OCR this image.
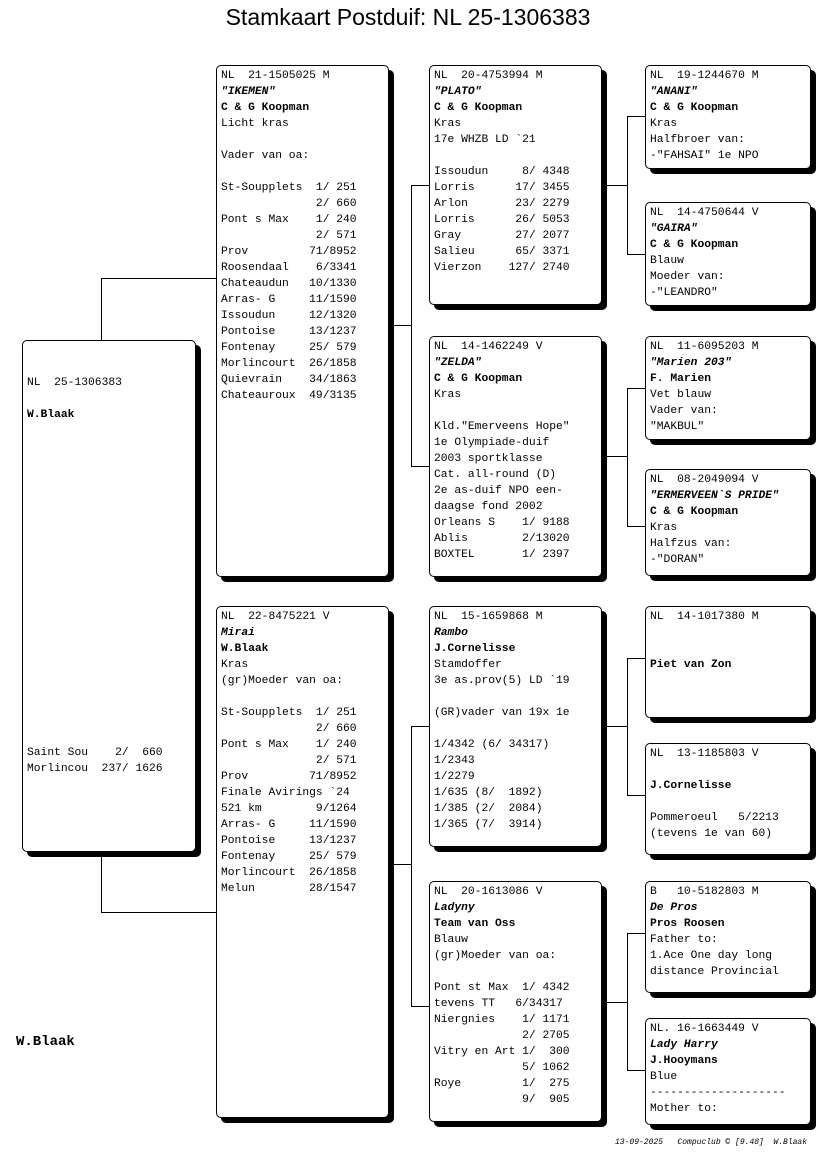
Stamkaart Postduif: NL 25-1306383

NL  25-1306383
W.Blaak

Saint Sou    2/  660
Morlincou  237/ 1626

NL  21-1505025 M
"IKEMEN"
C & G Koopman
Licht kras
Vader van oa:
St-Soupplets  1/ 251
2/ 660
Pont s Max    1/ 240
2/ 571
Prov         71/8952
Roosendaal    6/3341
Chateaudun   10/1330
Arras- G     11/1590
Issoudun     12/1320
Pontoise     13/1237
Fontenay     25/ 579
Morlincourt  26/1858
Quievrain    34/1863
Chateauroux  49/3135
NL  22-8475221 V
Mirai
W.Blaak
Kras
(gr)Moeder van oa:
St-Soupplets  1/ 251
2/ 660
Pont s Max    1/ 240
2/ 571
Prov         71/8952
Finale Avirings `24
521 km        9/1264
Arras- G     11/1590
Pontoise     13/1237
Fontenay     25/ 579
Morlincourt  26/1858
Melun        28/1547
NL  20-4753994 M
"PLATO"
C & G Koopman
Kras
17e WHZB LD `21
Issoudun     8/ 4348
Lorris      17/ 3455
Arlon       23/ 2279
Lorris      26/ 5053
Gray        27/ 2077
Salieu      65/ 3371
Vierzon    127/ 2740
NL  14-1462249 V
"ZELDA"
C & G Koopman
Kras
Kld."Emerveens Hope"
1e Olympiade-duif
2003 sportklasse
Cat. all-round (D)
2e as-duif NPO een-
daagse fond 2002
Orleans S    1/ 9188
Ablis        2/13020
BOXTEL       1/ 2397
NL  15-1659868 M
Rambo
J.Cornelisse
Stamdoffer
3e as.prov(5) LD `19
(GR)vader van 19x 1e
1/4342 (6/ 34317)
1/2343
1/2279
1/635 (8/  1892)
1/385 (2/  2084)
1/365 (7/  3914)
NL  20-1613086 V
Ladyny
Team van Oss
Blauw
(gr)Moeder van oa:
Pont st Max  1/ 4342
tevens TT   6/34317
Niergnies    1/ 1171
2/ 2705
Vitry en Art 1/  300
5/ 1062
Roye         1/  275
9/  905
NL  19-1244670 M
"ANANI"
C & G Koopman
Kras
Halfbroer van:
-"FAHSAI" 1e NPO
NL  14-4750644 V
"GAIRA"
C & G Koopman
Blauw
Moeder van:
-"LEANDRO"
NL  11-6095203 M
"Marien 203"
F. Marien
Vet blauw
Vader van:
"MAKBUL"
NL  08-2049094 V
"ERMERVEEN`S PRIDE"
C & G Koopman
Kras
Halfzus van:
-"DORAN"
NL  14-1017380 M
Piet van Zon
NL  13-1185803 V
J.Cornelisse
Pommeroeul   5/2213
(tevens 1e van 60)
B   10-5182803 M
De Pros
Pros Roosen
Father to:
1.Ace One day long
distance Provincial
NL. 16-1663449 V
Lady Harry
J.Hooymans
Blue
--------------------
Mother to:
W.Blaak
13-09-2025   Compuclub © [9.48]  W.Blaak
